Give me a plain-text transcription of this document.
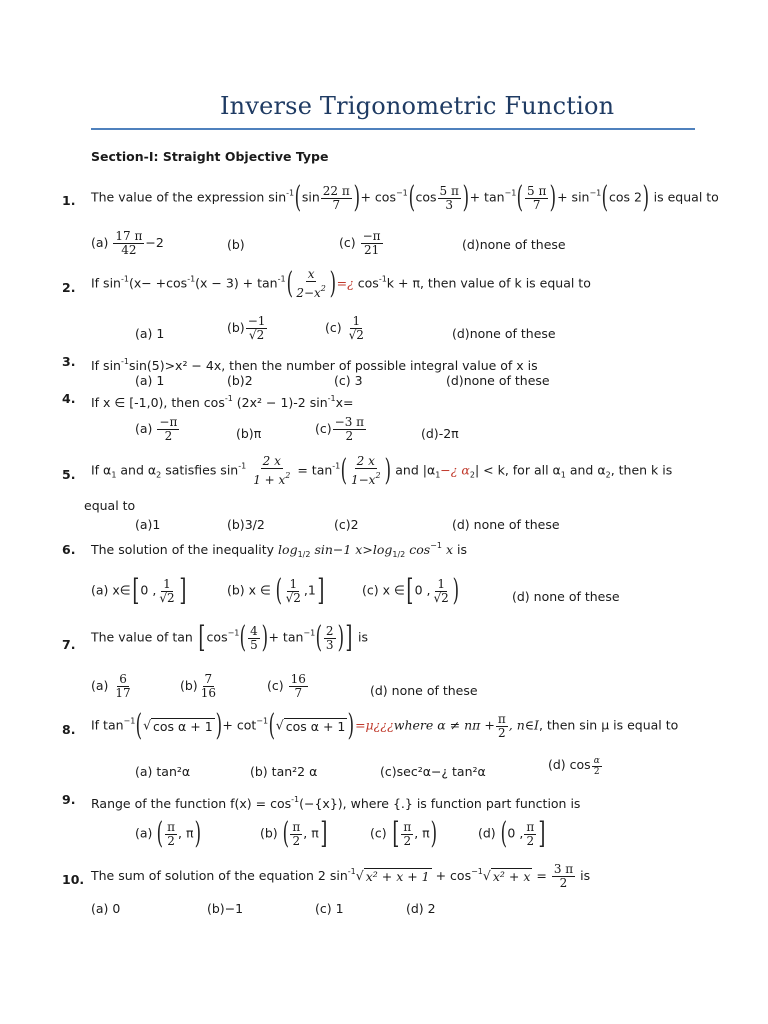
Inverse Trigonometric Function
Section-I: Straight Objective Type
1. The value of the expression $\sin^{-1}(\sin \frac{22 \pi}{7}$ )+ $\cos^{-1}(\cos \frac{5 \pi}{3}$ )+ $\tan^{-1}( \frac{5 \pi}{7}$ )+ $\sin^{-1}(\cos$ 2) is equal to
$(a) \frac{17 \pi}{42} -2$	(b)	$(c) \frac{-\pi}{21}$	(d)none of these
2. If $\sin^{-1}(x- +\cos^{-1}(x - 3) + \tan^{-1}( \frac{x}{2-x^2}$ )=¿ $\cos^{-1}k + \pi$, then value of k is equal to
(a) 1	$(b) \frac{-1}{√2}$	$(c) \frac{1}{√2}$	(d)none of these
3. If $\sin^{-1}\sin(5)>x^2 - 4x$, then the number of possible integral value of x is
(a) 1	(b)2	(c) 3	(d)none of these
4. If x ∈ [-1,0), then $\cos^{-1} (2x^2 - 1)-2$ $\sin^{-1}x=$
$(a) \frac{-\pi}{2}$	(b)π	$(c) \frac{-3 \pi}{2}$	(d)-2π
5. If $\alpha_1$ and $\alpha_2$ satisfies $\sin^{-1} \frac{2 x}{1 + x^2} = \tan^{-1}( \frac{2 x}{1-x^2}$ ) and $|\alpha_1-¿$ $\alpha_2| < k$, for all $\alpha_1$ and $\alpha_2$, then k is
equal to
(a)1	(b)3/2	(c)2	(d) none of these
6. The solution of the inequality $\log_{1/2} \sin-1$ $x>\log_{1/2}$ $\cos^{-1} x$ is
(a) x∈[0 , $\frac{1}{√2}$ ]	(b) x ∈ ( $\frac{1}{√2} ,1$]	(c) x ∈[0 , $\frac{1}{√2}$ )	(d) none of these
7. The value of $\tan [\cos^{-1}( \frac{4}{5}$ )+ $\tan^{-1}( \frac{2}{3}$ )] is
$(a) \frac{6}{17}$	$(b) \frac{7}{16}$	$(c) \frac{16}{7}$	(d) none of these
8. If $\tan^{-1}(√$ $\cos \alpha + 1)+ \cot^{-1}(√$ cos α + 1)=μ¿¿¿where $\alpha \ne n\pi + \frac{\pi}{2}$ , n∈I, then sin μ is equal to
(a) tan²α	(b) tan²2 α	(c)sec²α−¿ tan²α	(d) $\cos \frac{\alpha}{2}$
9. Range of the function $f(x) = \cos^{-1}(-\{x\})$, where {.} is function part function is
(a) ( $\frac{\pi}{2}$ , π)	(b) ( $\frac{\pi}{2}$ , π]	(c) [ $\frac{\pi}{2}$ , π)	(d) (0 , $\frac{\pi}{2}$ ]
10. The sum of solution of the equation 2 $\sin^{-1}√$ $x^2 + x + 1 + \cos^{-1}√$ $x^2 + x = \frac{3 \pi}{2}$ is
(a) 0	(b)−1	(c) 1	(d) 2
